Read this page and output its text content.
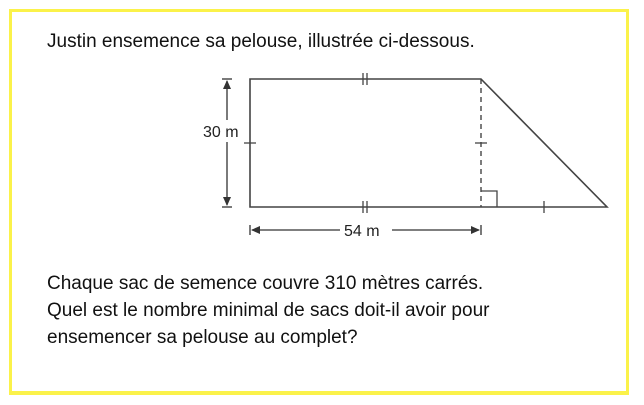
Justin ensemence sa pelouse, illustrée ci-dessous.

30 m
54 m

Chaque sac de semence couvre 310 mètres carrés.
Quel est le nombre minimal de sacs doit-il avoir pour
ensemencer sa pelouse au complet?
